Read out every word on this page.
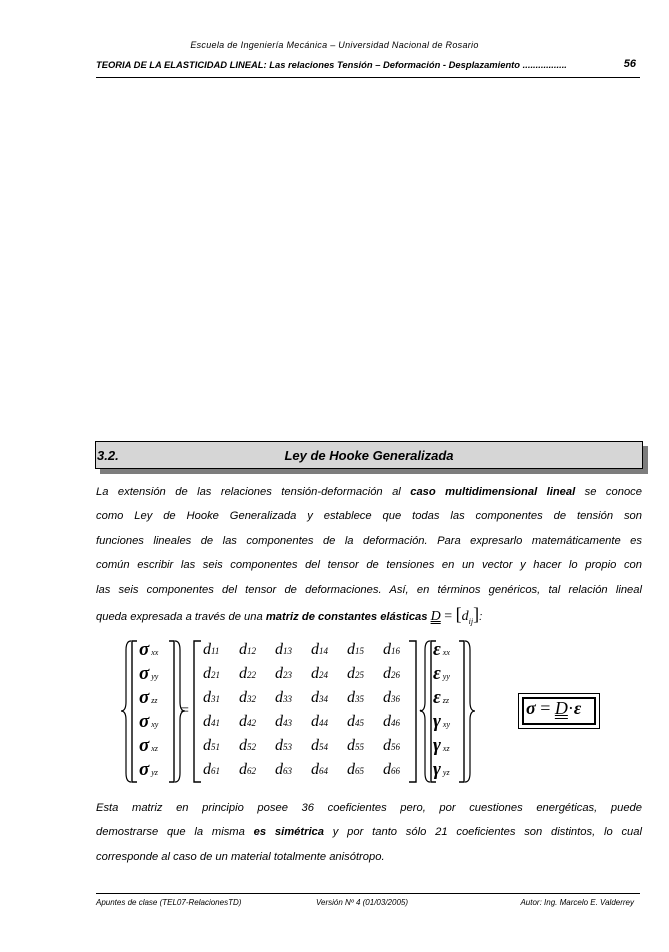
Escuela de Ingeniería Mecánica – Universidad Nacional de Rosario
TEORIA DE LA ELASTICIDAD LINEAL: Las relaciones Tensión – Deformación - Desplazamiento .................	56
3.2.	Ley de Hooke Generalizada
La extensión de las relaciones tensión-deformación al caso multidimensional lineal se conoce
como Ley de Hooke Generalizada y establece que todas las componentes de tensión son
funciones lineales de las componentes de la deformación. Para expresarlo matemáticamente es
común escribir las seis componentes del tensor de tensiones en un vector y hacer lo propio con
las seis componentes del tensor de deformaciones. Así, en términos genéricos, tal relación lineal
queda expresada a través de una matriz de constantes elásticas $D = [d_{ij}]$:
σxx
σyy
σzz
σxy
σxz
σyz
=
d11 d12 d13 d14 d15 d16
d21 d22 d23 d24 d25 d26
d31 d32 d33 d34 d35 d36
d41 d42 d43 d44 d45 d46
d51 d52 d53 d54 d55 d56
d61 d62 d63 d64 d65 d66
·
εxx
εyy
εzz
γxy
γxz
γyz
$\overline{\sigma} = D\cdot\overline{\varepsilon}$
Esta matriz en principio posee 36 coeficientes pero, por cuestiones energéticas, puede
demostrarse que la misma es simétrica y por tanto sólo 21 coeficientes son distintos, lo cual
corresponde al caso de un material totalmente anisótropo.
Apuntes de clase (TEL07-RelacionesTD)	Versión Nº 4 (01/03/2005)	Autor: Ing. Marcelo E. Valderrey
